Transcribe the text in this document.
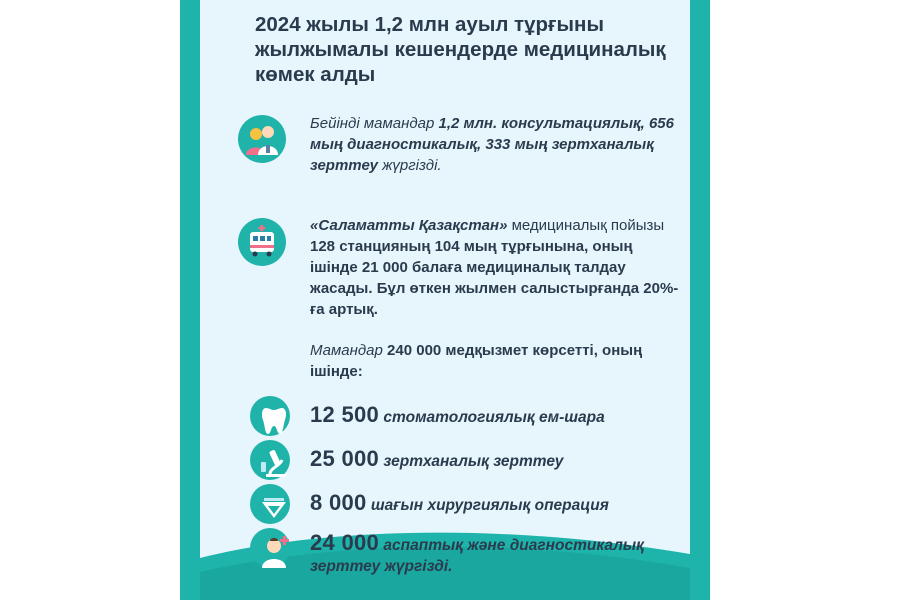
2024 жылы 1,2 млн ауыл тұрғыны жылжымалы кешендерде медициналық көмек алды

Бейінді мамандар 1,2 млн. консультациялық, 656 мың диагностикалық, 333 мың зертханалық зерттеу жүргізді.

«Саламатты Қазақстан» медициналық пойызы 128 станцияның 104 мың тұрғынына, оның ішінде 21 000 балаға медициналық талдау жасады. Бұл өткен жылмен салыстырғанда 20%-ға артық.

Мамандар 240 000 медқызмет көрсетті, оның ішінде:

12 500 стоматологиялық ем-шара

25 000 зертханалық зерттеу

8 000 шағын хирургиялық операция

24 000 аспаптық және диагностикалық зерттеу жүргізді.
